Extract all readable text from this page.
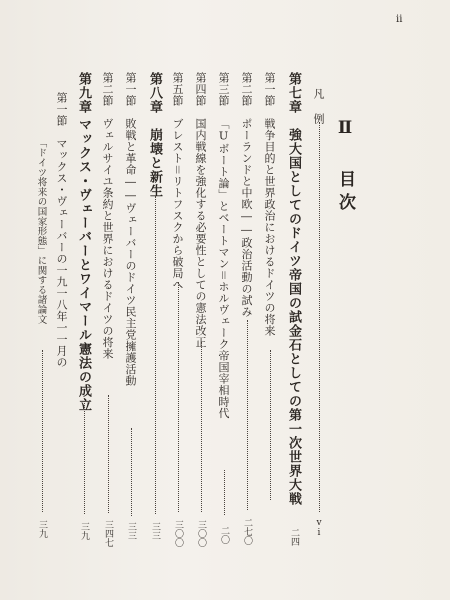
ii
Ⅱ 目次
凡 例
vi
第七章
強大国としてのドイツ帝国の試金石としての第一次世界大戦
二四
第一節
戦争目的と世界政治におけるドイツの将来
第二節
ポーランドと中欧――政治活動の試み
二七〇
第三節
「Uボート論」とベートマン＝ホルヴェーク帝国宰相時代
二〇
第四節
国内戦線を強化する必要性としての憲法改正
三〇〇
第五節
ブレスト＝リトフスクから破局へ
三〇〇
第八章
崩壊と新生
三三
第一節
敗戦と革命――ヴェーバーのドイツ民主党擁護活動
三三
第二節
ヴェルサイユ条約と世界におけるドイツの将来
三四七
第九章
マックス・ヴェーバーとワイマール憲法の成立
三九
第一節
マックス・ヴェーバーの一九一八年一一月の
「ドイツ将来の国家形態」に関する諸論文
三九
